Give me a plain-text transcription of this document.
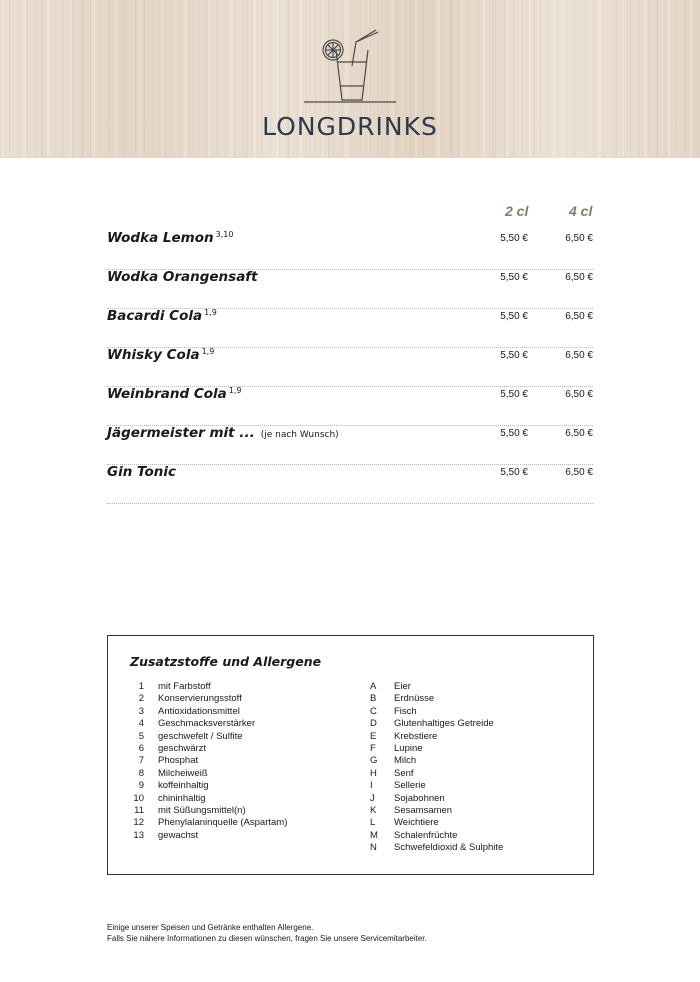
LONGDRINKS
2 cl	4 cl
Wodka Lemon $^{3,10}$	5,50 €	6,50 €
Wodka Orangensaft	5,50 €	6,50 €
Bacardi Cola $^{1,9}$	5,50 €	6,50 €
Whisky Cola $^{1,9}$	5,50 €	6,50 €
Weinbrand Cola $^{1,9}$	5,50 €	6,50 €
Jägermeister mit ... (je nach Wunsch)	5,50 €	6,50 €
Gin Tonic	5,50 €	6,50 €
Zusatzstoffe und Allergene
1 mit Farbstoff
2 Konservierungsstoff
3 Antioxidationsmittel
4 Geschmacksverstärker
5 geschwefelt / Sulfite
6 geschwärzt
7 Phosphat
8 Milcheiweiß
9 koffeinhaltig
10 chininhaltig
11 mit Süßungsmittel(n)
12 Phenylalaninquelle (Aspartam)
13 gewachst
A	Eier
B	Erdnüsse
C	Fisch
D	Glutenhaltiges Getreide
E	Krebstiere
F	Lupine
G	Milch
H	Senf
I	Sellerie
J	Sojabohnen
K	Sesamsamen
L	Weichtiere
M	Schalenfrüchte
N	Schwefeldioxid & Sulphite
Einige unserer Speisen und Getränke enthalten Allergene.
Falls Sie nähere Informationen zu diesen wünschen, fragen Sie unsere Servicemitarbeiter.
